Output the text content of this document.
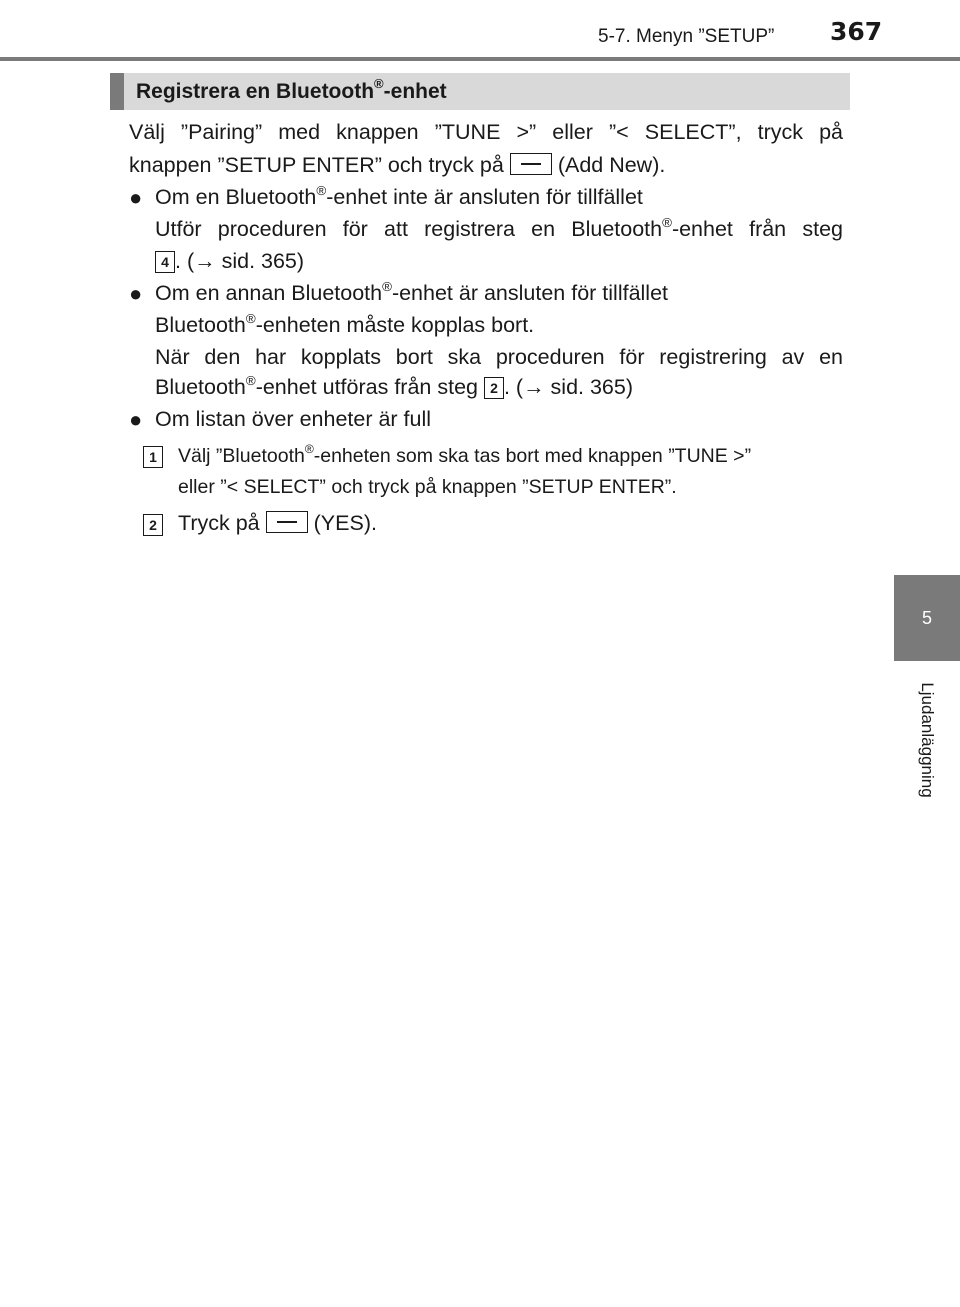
5-7. Menyn ”SETUP” 367
5
Ljudanläggning
Registrera en Bluetooth®-enhet
Välj ”Pairing” med knappen ”TUNE >” eller ”< SELECT”, tryck på
knappen ”SETUP ENTER” och tryck på	(Add New).
● Om en Bluetooth®-enhet inte är ansluten för tillfället
Utför proceduren för att registrera en Bluetooth®-enhet från steg
4 . (→ sid. 365)
● Om en annan Bluetooth®-enhet är ansluten för tillfället
Bluetooth®-enheten måste kopplas bort.
När den har kopplats bort ska proceduren för registrering av en
Bluetooth®-enhet utföras från steg 2 . (→ sid. 365)
● Om listan över enheter är full
1	Välj ”Bluetooth®-enheten som ska tas bort med knappen ”TUNE >”
eller ”< SELECT” och tryck på knappen ”SETUP ENTER”.
2 Tryck på	(YES).
